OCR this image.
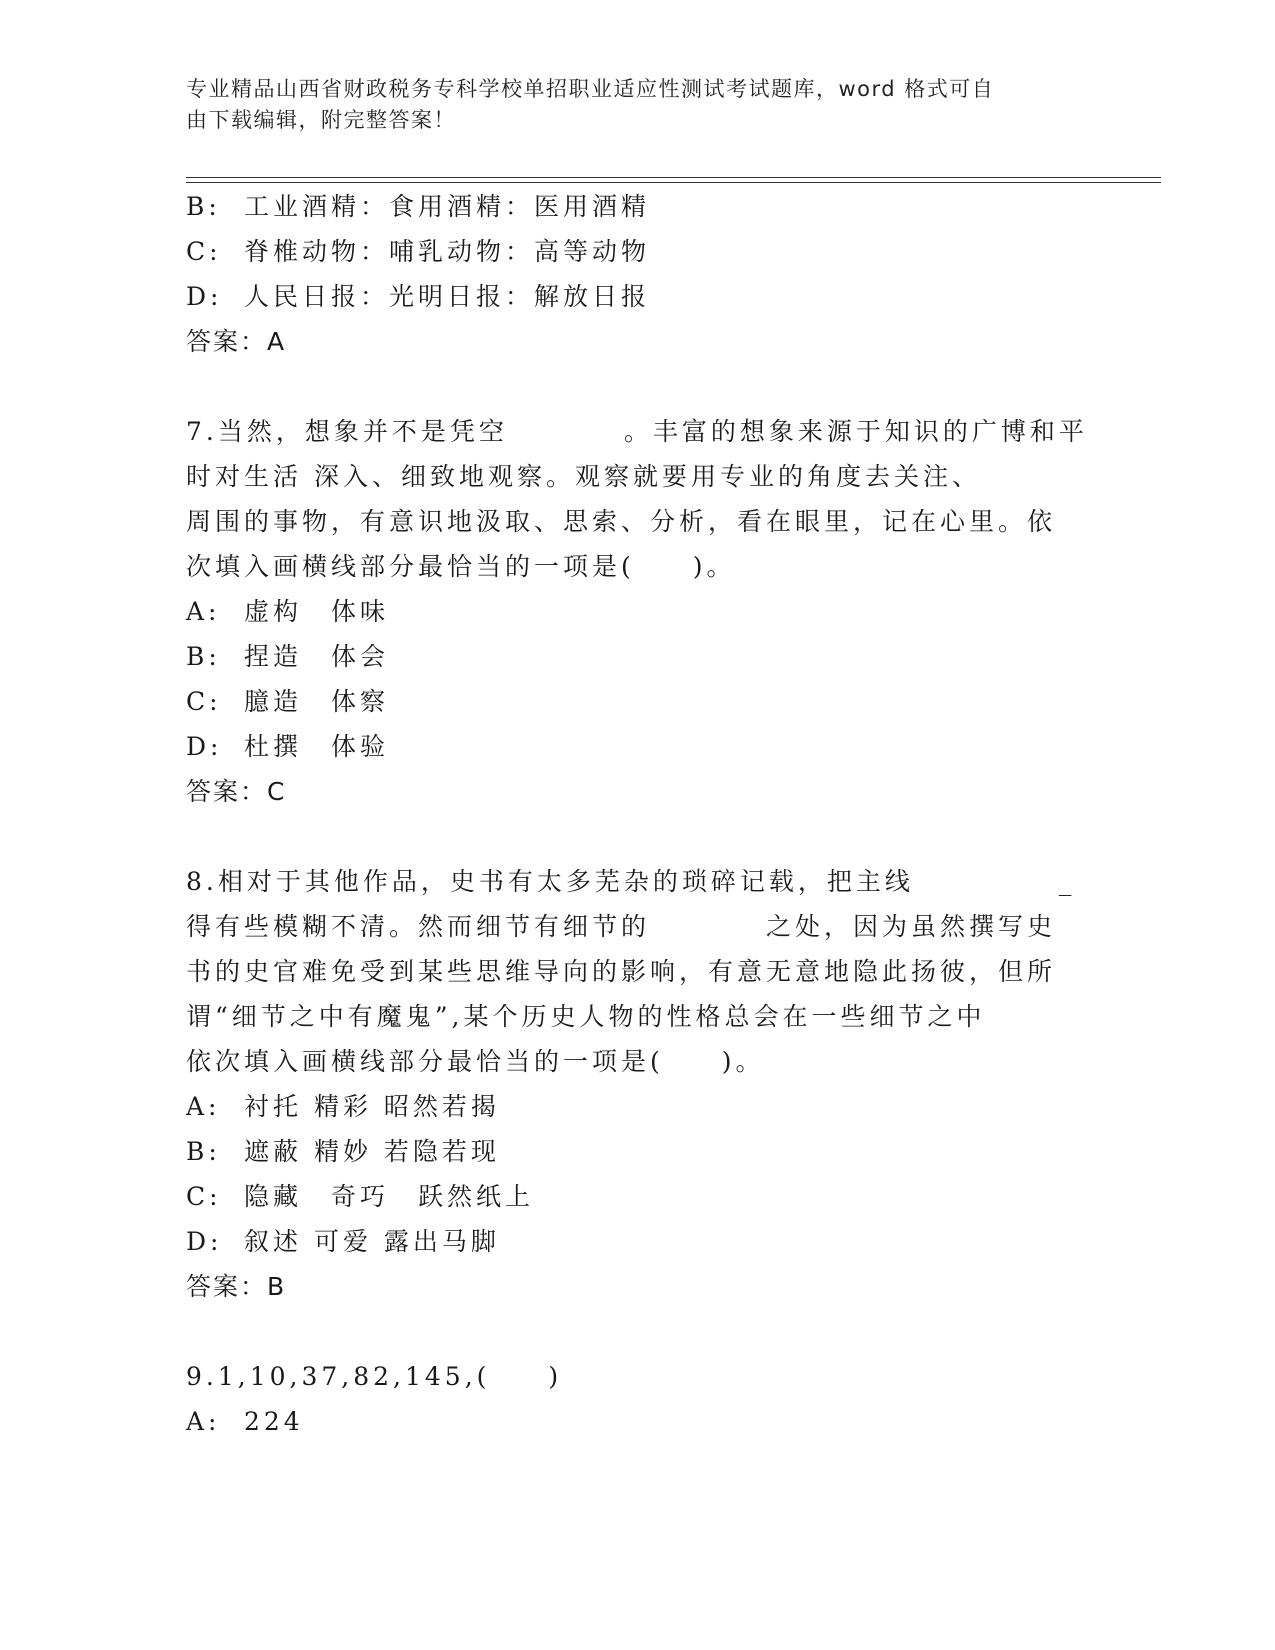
专业精品山西省财政税务专科学校单招职业适应性测试考试题库，word 格式可自
由下载编辑，附完整答案！
B: 工业酒精：食用酒精：医用酒精
C: 脊椎动物：哺乳动物：高等动物
D: 人民日报：光明日报：解放日报
答案：A
7.当然，想象并不是凭空　　　　。丰富的想象来源于知识的广博和平
时对生活 深入、细致地观察。观察就要用专业的角度去关注、
周围的事物，有意识地汲取、思索、分析，看在眼里，记在心里。依
次填入画横线部分最恰当的一项是(　　)。
A: 虚构　体味
B: 捏造　体会
C: 臆造　体察
D: 杜撰　体验
答案：C
8.相对于其他作品，史书有太多芜杂的琐碎记载，把主线　　　　　_
得有些模糊不清。然而细节有细节的　　　　之处，因为虽然撰写史
书的史官难免受到某些思维导向的影响，有意无意地隐此扬彼，但所
谓“细节之中有魔鬼”,某个历史人物的性格总会在一些细节之中
依次填入画横线部分最恰当的一项是(　　)。
A: 衬托 精彩 昭然若揭
B: 遮蔽 精妙 若隐若现
C: 隐藏　奇巧　跃然纸上
D: 叙述 可爱 露出马脚
答案：B
9.1,10,37,82,145,(　　)
A: 224
